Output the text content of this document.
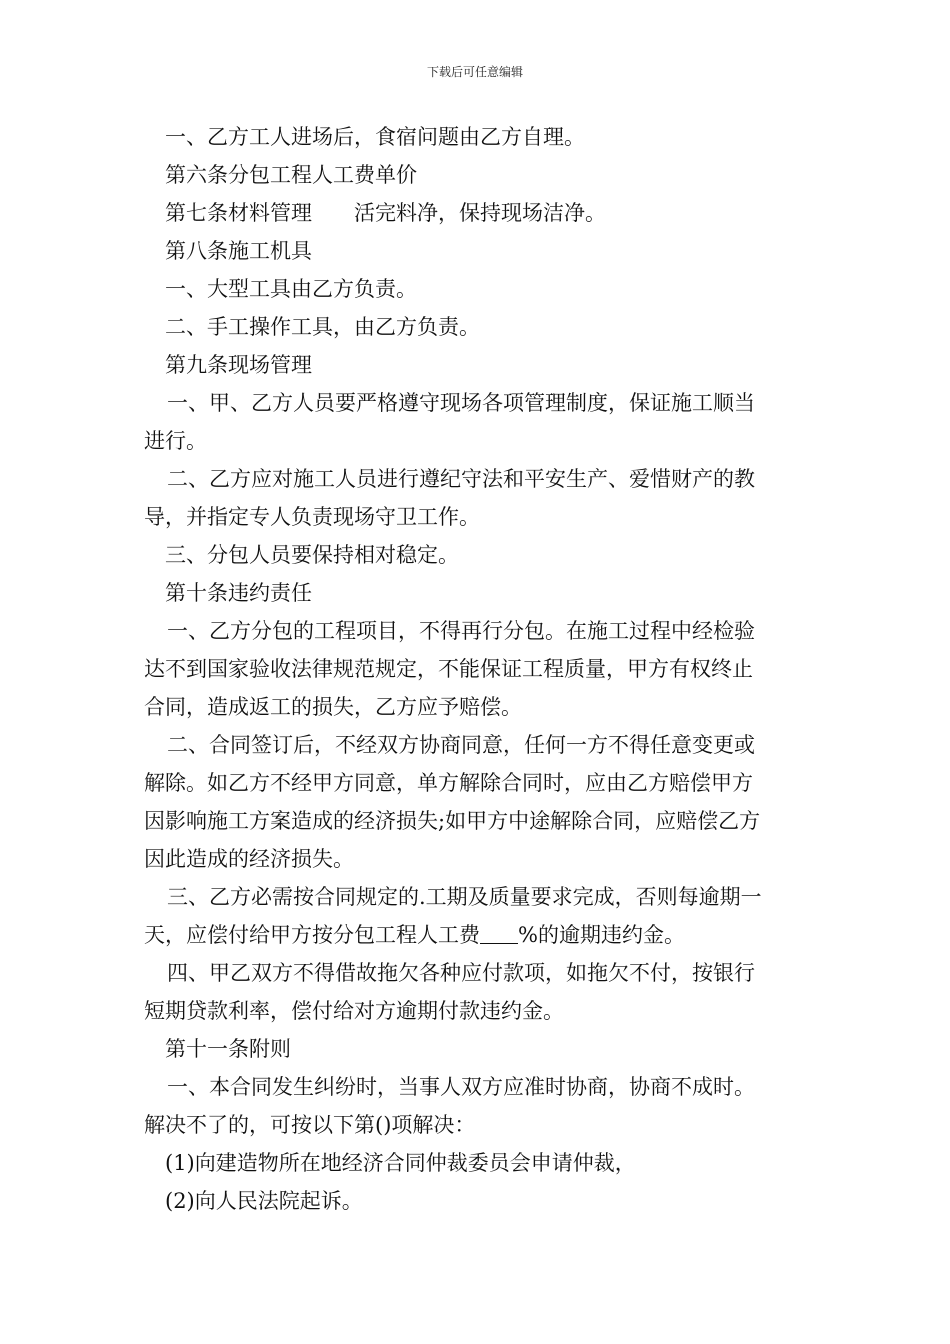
下载后可任意编辑

一、乙方工人进场后，食宿问题由乙方自理。

第六条分包工程人工费单价

第七条材料管理 活完料净，保持现场洁净。

第八条施工机具

一、大型工具由乙方负责。

二、手工操作工具，由乙方负责。

第九条现场管理

一、甲、乙方人员要严格遵守现场各项管理制度，保证施工顺当

进行。

二、乙方应对施工人员进行遵纪守法和平安生产、爱惜财产的教

导，并指定专人负责现场守卫工作。

三、分包人员要保持相对稳定。

第十条违约责任

一、乙方分包的工程项目，不得再行分包。在施工过程中经检验

达不到国家验收法律规范规定，不能保证工程质量，甲方有权终止

合同，造成返工的损失，乙方应予赔偿。

二、合同签订后，不经双方协商同意，任何一方不得任意变更或

解除。如乙方不经甲方同意，单方解除合同时，应由乙方赔偿甲方

因影响施工方案造成的经济损失;如甲方中途解除合同，应赔偿乙方

因此造成的经济损失。

三、乙方必需按合同规定的.工期及质量要求完成，否则每逾期一

天，应偿付给甲方按分包工程人工费 %的逾期违约金。

四、甲乙双方不得借故拖欠各种应付款项，如拖欠不付，按银行

短期贷款利率，偿付给对方逾期付款违约金。

第十一条附则

一、本合同发生纠纷时，当事人双方应准时协商，协商不成时。

解决不了的，可按以下第()项解决：

(1)向建造物所在地经济合同仲裁委员会申请仲裁，

(2)向人民法院起诉。
